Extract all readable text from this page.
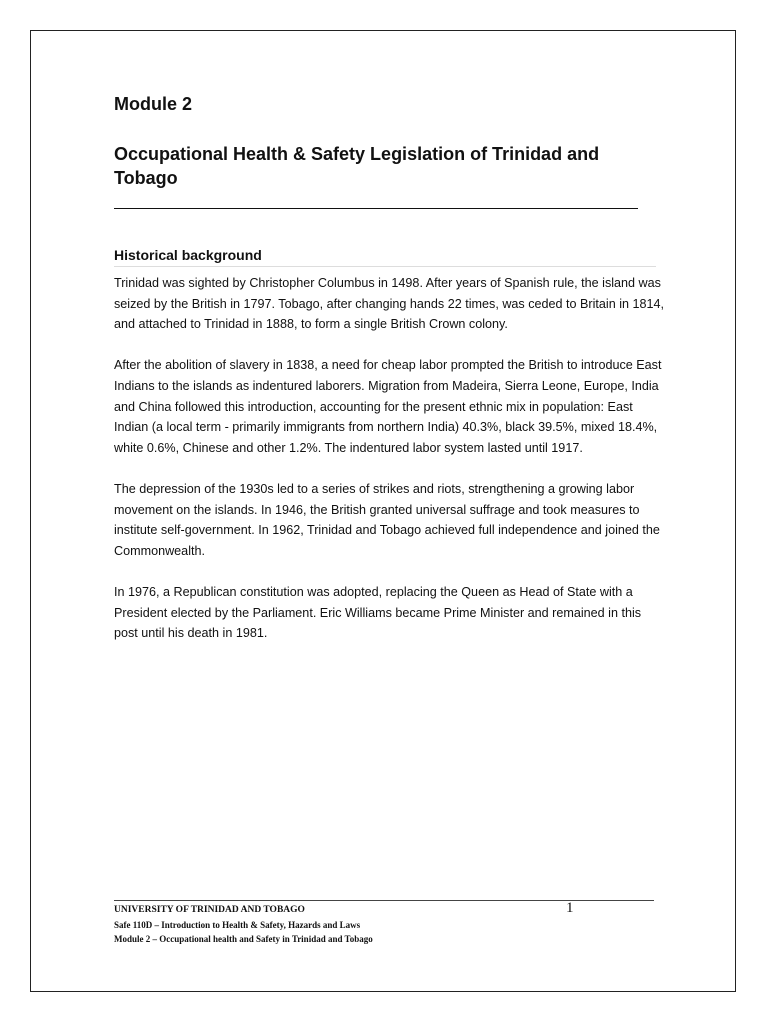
Module 2
Occupational Health & Safety Legislation of Trinidad and Tobago
Historical background

Trinidad was sighted by Christopher Columbus in 1498. After years of Spanish rule, the island was seized by the British in 1797. Tobago, after changing hands 22 times, was ceded to Britain in 1814, and attached to Trinidad in 1888, to form a single British Crown colony.

After the abolition of slavery in 1838, a need for cheap labor prompted the British to introduce East Indians to the islands as indentured laborers. Migration from Madeira, Sierra Leone, Europe, India and China followed this introduction, accounting for the present ethnic mix in population: East Indian (a local term - primarily immigrants from northern India) 40.3%, black 39.5%, mixed 18.4%, white 0.6%, Chinese and other 1.2%. The indentured labor system lasted until 1917.

The depression of the 1930s led to a series of strikes and riots, strengthening a growing labor movement on the islands. In 1946, the British granted universal suffrage and took measures to institute self-government. In 1962, Trinidad and Tobago achieved full independence and joined the Commonwealth.

In 1976, a Republican constitution was adopted, replacing the Queen as Head of State with a President elected by the Parliament. Eric Williams became Prime Minister and remained in this post until his death in 1981.

UNIVERSITY OF TRINIDAD AND TOBAGO	1
Safe 110D – Introduction to Health & Safety, Hazards and Laws
Module 2 – Occupational health and Safety in Trinidad and Tobago
